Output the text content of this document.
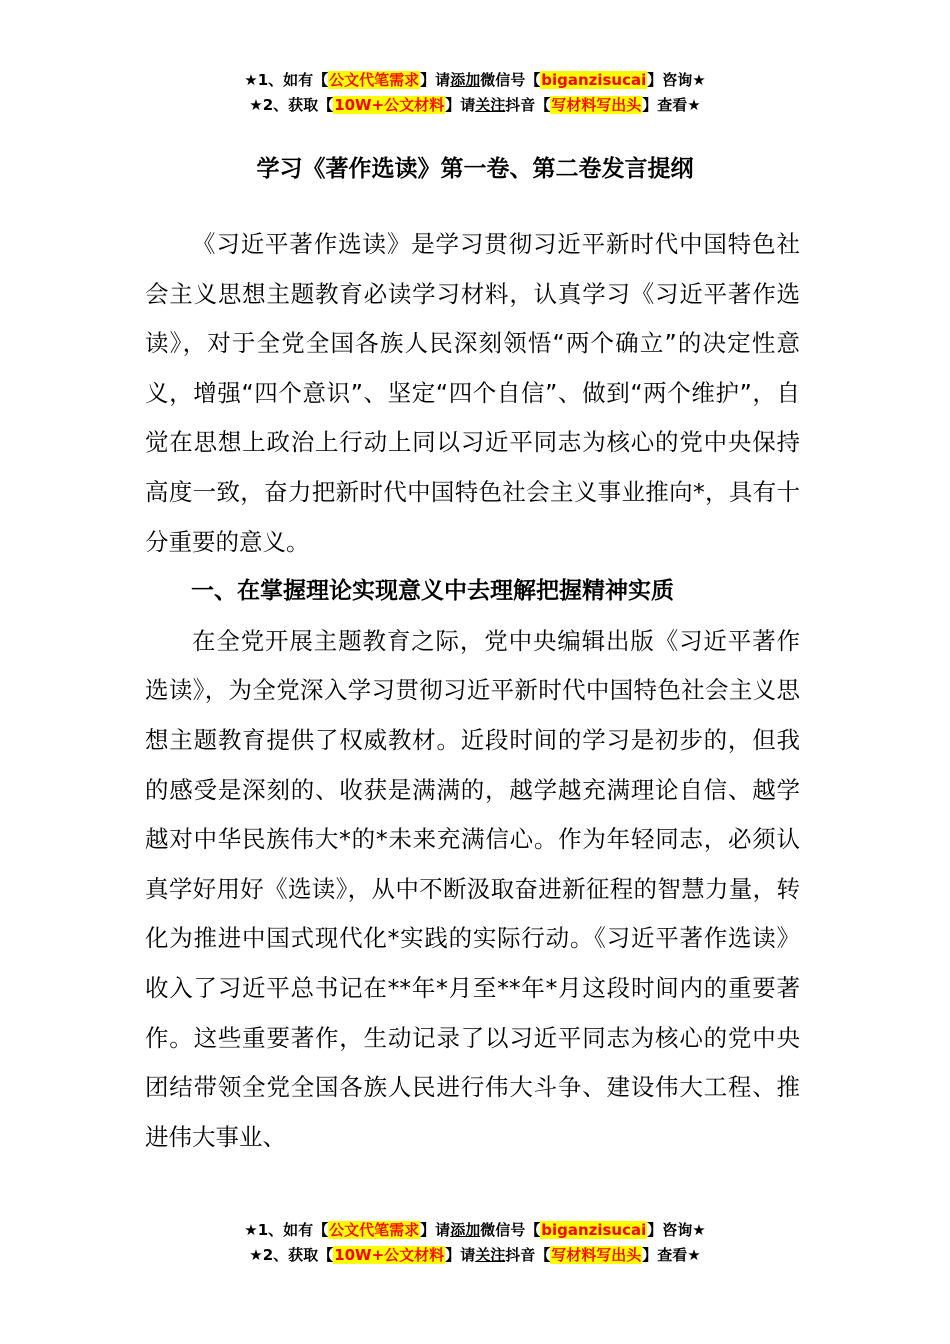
★1、如有【公文代笔需求】请添加微信号【biganzisucai】咨询★
★2、获取【10W+公文材料】请关注抖音【写材料写出头】查看★
学习《著作选读》第一卷、第二卷发言提纲

《习近平著作选读》是学习贯彻习近平新时代中国特色社会主义思想主题教育必读学习材料，认真学习《习近平著作选读》，对于全党全国各族人民深刻领悟“两个确立”的决定性意义，增强“四个意识”、坚定“四个自信”、做到“两个维护”，自觉在思想上政治上行动上同以习近平同志为核心的党中央保持高度一致，奋力把新时代中国特色社会主义事业推向*，具有十分重要的意义。

一、在掌握理论实现意义中去理解把握精神实质

在全党开展主题教育之际，党中央编辑出版《习近平著作选读》，为全党深入学习贯彻习近平新时代中国特色社会主义思想主题教育提供了权威教材。近段时间的学习是初步的，但我的感受是深刻的、收获是满满的，越学越充满理论自信、越学越对中华民族伟大*的*未来充满信心。作为年轻同志，必须认真学好用好《选读》，从中不断汲取奋进新征程的智慧力量，转化为推进中国式现代化*实践的实际行动。《习近平著作选读》收入了习近平总书记在**年*月至**年*月这段时间内的重要著作。这些重要著作，生动记录了以习近平同志为核心的党中央团结带领全党全国各族人民进行伟大斗争、建设伟大工程、推进伟大事业、

★1、如有【公文代笔需求】请添加微信号【biganzisucai】咨询★
★2、获取【10W+公文材料】请关注抖音【写材料写出头】查看★
